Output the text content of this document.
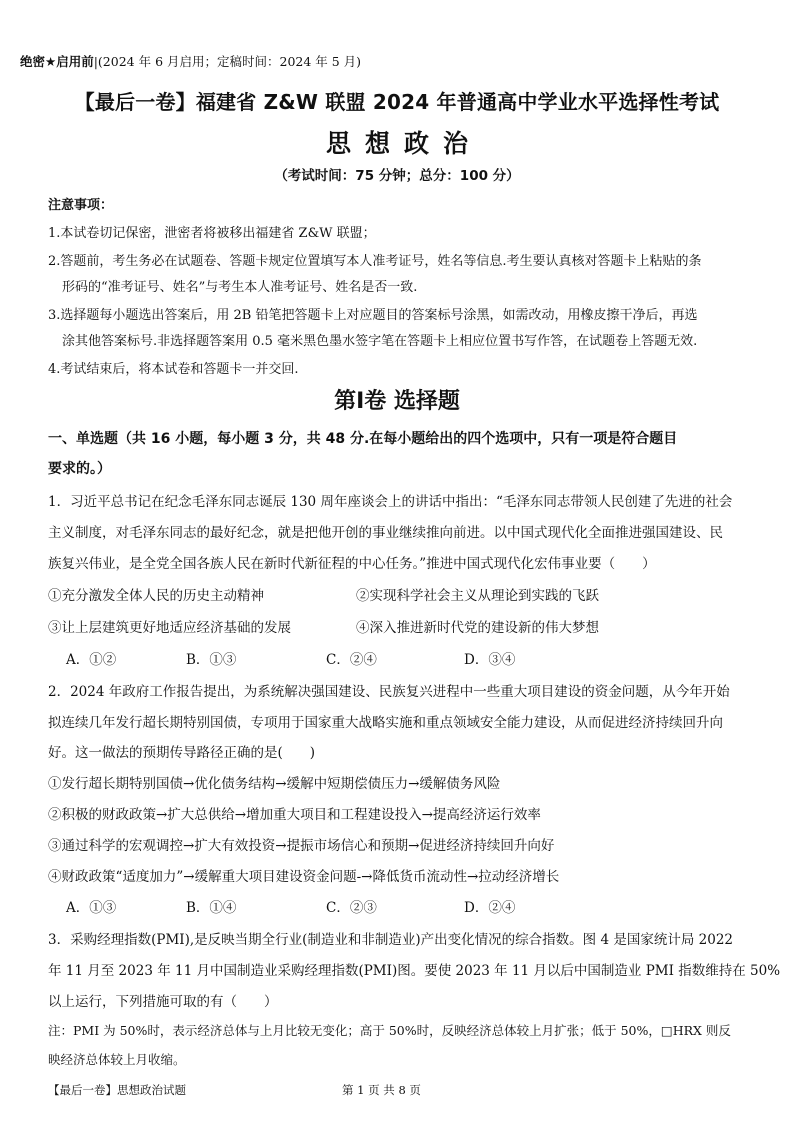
绝密★启用前|(2024 年 6 月启用；定稿时间：2024 年 5 月)
【最后一卷】福建省 Z&W 联盟 2024 年普通高中学业水平选择性考试
思想政治
（考试时间：75 分钟；总分：100 分）
注意事项：
1.本试卷切记保密，泄密者将被移出福建省 Z&W 联盟；
2.答题前，考生务必在试题卷、答题卡规定位置填写本人准考证号，姓名等信息.考生要认真核对答题卡上粘贴的条
形码的“准考证号、姓名”与考生本人准考证号、姓名是否一致.
3.选择题每小题选出答案后，用 2B 铅笔把答题卡上对应题目的答案标号涂黑，如需改动，用橡皮擦干净后，再选
涂其他答案标号.非选择题答案用 0.5 毫米黑色墨水签字笔在答题卡上相应位置书写作答，在试题卷上答题无效.
4.考试结束后，将本试卷和答题卡一并交回.
第Ⅰ卷 选择题
一、单选题（共 16 小题，每小题 3 分，共 48 分.在每小题给出的四个选项中，只有一项是符合题目
要求的。）
1．习近平总书记在纪念毛泽东同志诞辰 130 周年座谈会上的讲话中指出：“毛泽东同志带领人民创建了先进的社会
主义制度，对毛泽东同志的最好纪念，就是把他开创的事业继续推向前进。以中国式现代化全面推进强国建设、民
族复兴伟业，是全党全国各族人民在新时代新征程的中心任务。”推进中国式现代化宏伟事业要（　　）
①充分激发全体人民的历史主动精神	②实现科学社会主义从理论到实践的飞跃
③让上层建筑更好地适应经济基础的发展	④深入推进新时代党的建设新的伟大梦想
A．①②	B．①③	C．②④	D．③④
2．2024 年政府工作报告提出，为系统解决强国建设、民族复兴进程中一些重大项目建设的资金问题，从今年开始
拟连续几年发行超长期特别国债，专项用于国家重大战略实施和重点领域安全能力建设，从而促进经济持续回升向
好。这一做法的预期传导路径正确的是(　　)
①发行超长期特别国债→优化债务结构→缓解中短期偿债压力→缓解债务风险
②积极的财政政策→扩大总供给→增加重大项目和工程建设投入→提高经济运行效率
③通过科学的宏观调控→扩大有效投资→提振市场信心和预期→促进经济持续回升向好
④财政政策“适度加力”→缓解重大项目建设资金问题-→降低货币流动性→拉动经济增长
A．①③	B．①④	C．②③	D．②④
3．采购经理指数(PMI),是反映当期全行业(制造业和非制造业)产出变化情况的综合指数。图 4 是国家统计局 2022
年 11 月至 2023 年 11 月中国制造业采购经理指数(PMI)图。要使 2023 年 11 月以后中国制造业 PMI 指数维持在 50%
以上运行，下列措施可取的有（　　）
注：PMI 为 50%时，表示经济总体与上月比较无变化；高于 50%时，反映经济总体较上月扩张；低于 50%，□HRX 则反
映经济总体较上月收缩。
【最后一卷】思想政治试题	第 1 页 共 8 页
